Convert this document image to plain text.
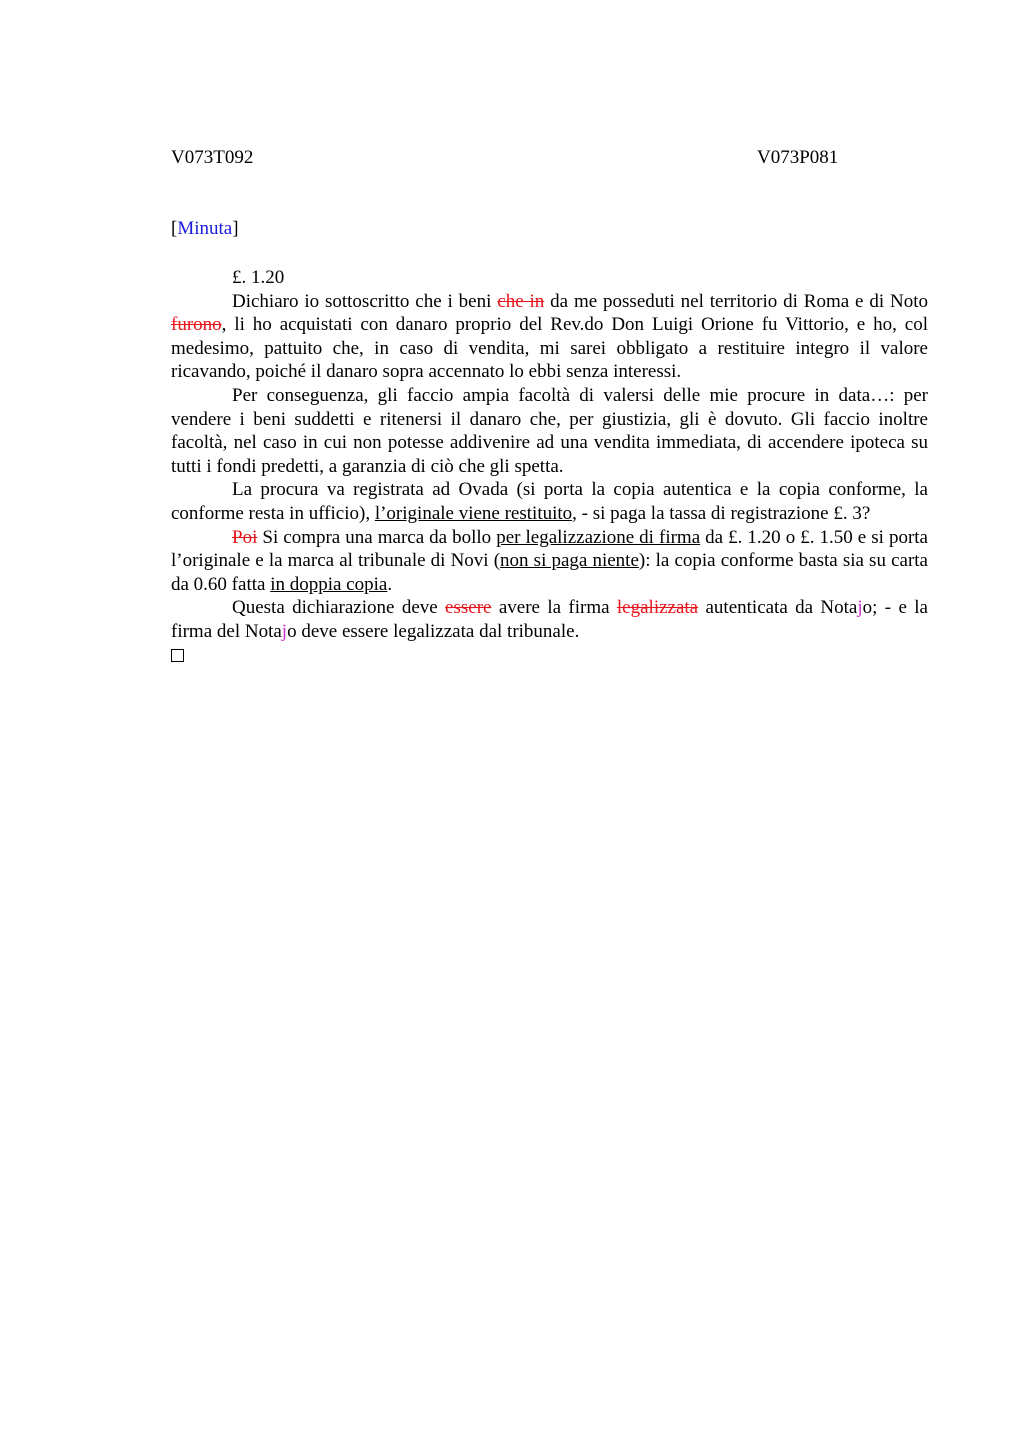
V073T092	V073P081
[Minuta]

£. 1.20

Dichiaro io sottoscritto che i beni che in da me posseduti nel territorio di Roma e di Noto furono, li ho acquistati con danaro proprio del Rev.do Don Luigi Orione fu Vittorio, e ho, col medesimo, pattuito che, in caso di vendita, mi sarei obbligato a restituire integro il valore ricavando, poiché il danaro sopra accennato lo ebbi senza interessi.

Per conseguenza, gli faccio ampia facoltà di valersi delle mie procure in data…: per vendere i beni suddetti e ritenersi il danaro che, per giustizia, gli è dovuto. Gli faccio inoltre facoltà, nel caso in cui non potesse addivenire ad una vendita immediata, di accendere ipoteca su tutti i fondi predetti, a garanzia di ciò che gli spetta.

La procura va registrata ad Ovada (si porta la copia autentica e la copia conforme, la conforme resta in ufficio), l’originale viene restituito, - si paga la tassa di registrazione £. 3?

Poi Si compra una marca da bollo per legalizzazione di firma da £. 1.20 o £. 1.50 e si porta l’originale e la marca al tribunale di Novi (non si paga niente): la copia conforme basta sia su carta da 0.60 fatta in doppia copia.

Questa dichiarazione deve essere avere la firma legalizzata autenticata da Notajo; - e la firma del Notajo deve essere legalizzata dal tribunale.
